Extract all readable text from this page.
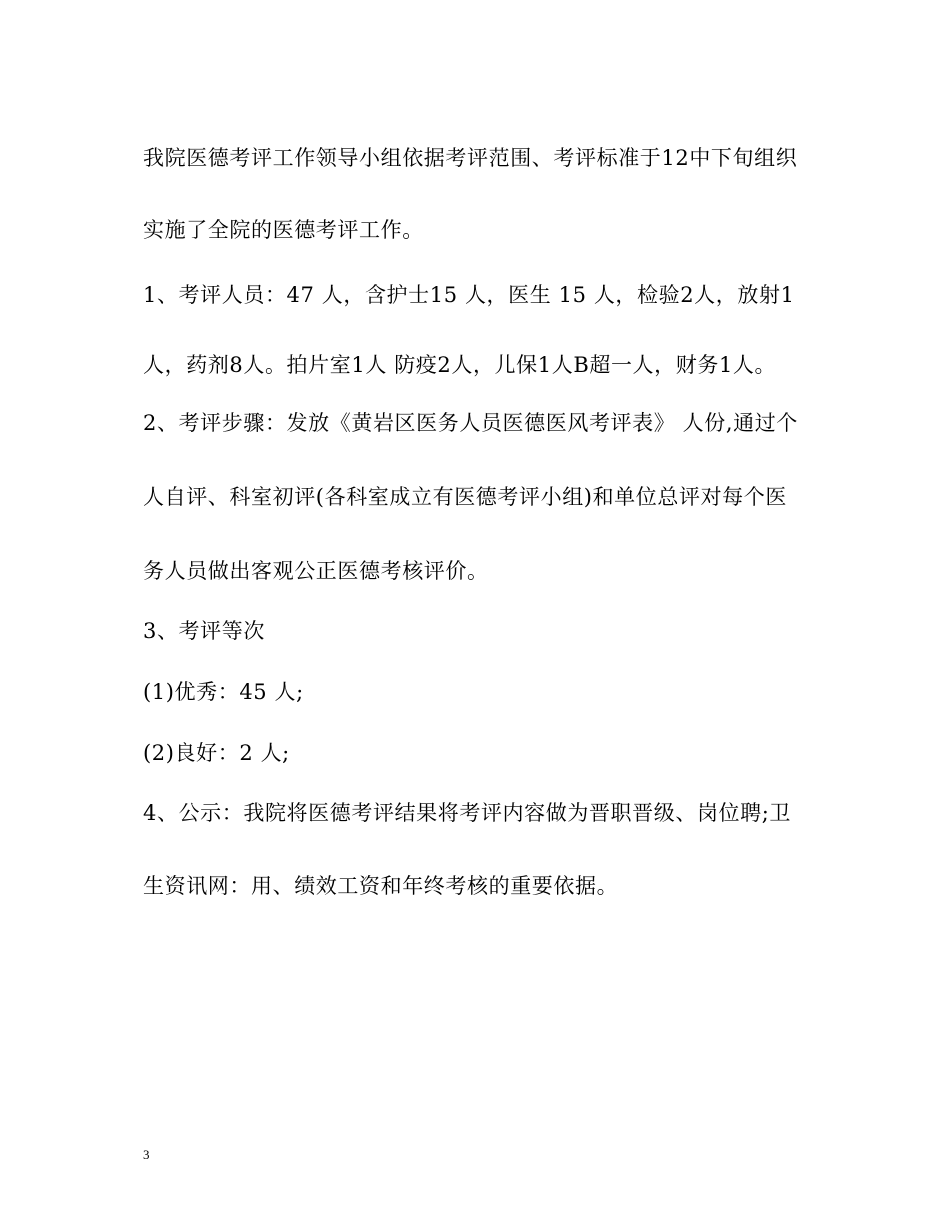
我院医德考评工作领导小组依据考评范围、考评标准于12中下旬组织
实施了全院的医德考评工作。
1、考评人员：47 人，含护士15 人，医生 15 人，检验2人，放射1
人，药剂8人。拍片室1人 防疫2人，儿保1人B超一人，财务1人。
2、考评步骤：发放《黄岩区医务人员医德医风考评表》 人份,通过个
人自评、科室初评(各科室成立有医德考评小组)和单位总评对每个医
务人员做出客观公正医德考核评价。
3、考评等次
(1)优秀：45 人;
(2)良好：2 人;
4、公示：我院将医德考评结果将考评内容做为晋职晋级、岗位聘;卫
生资讯网：用、绩效工资和年终考核的重要依据。
3
